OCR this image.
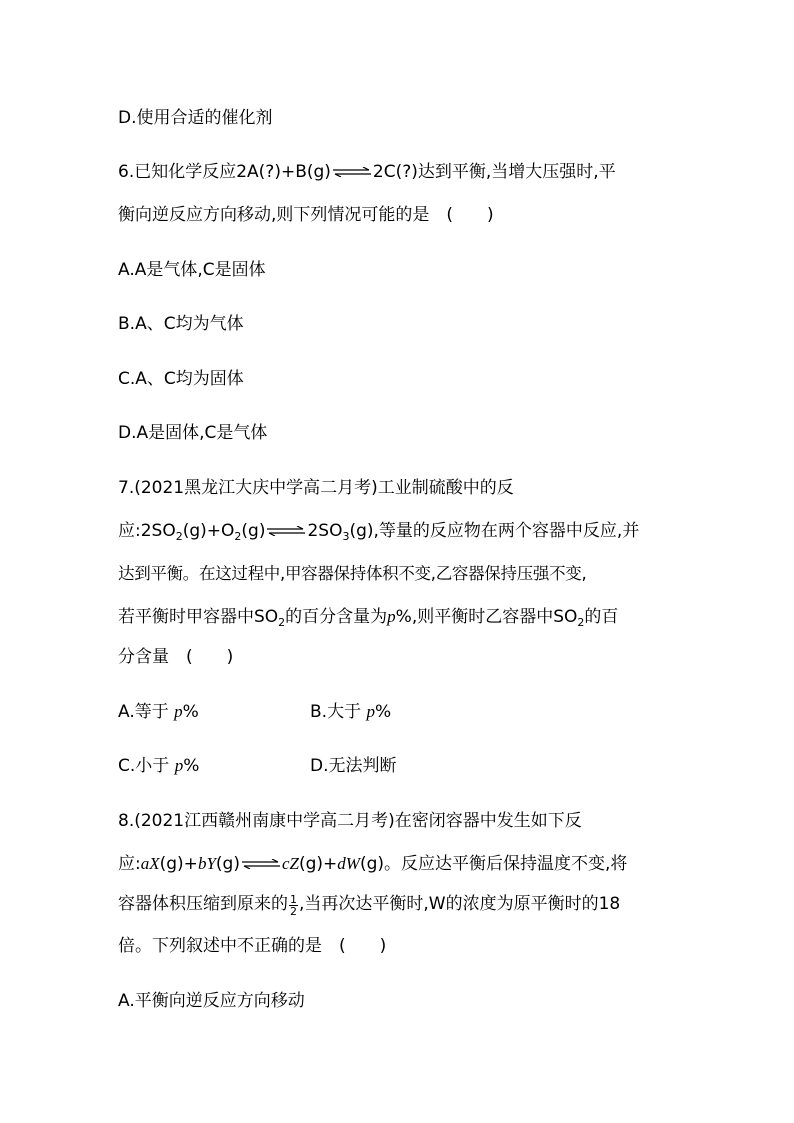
D.使用合适的催化剂
6.已知化学反应2A(?)+B(g) ⇌ 2C(?)达到平衡,当增大压强时,平
衡向逆反应方向移动,则下列情况可能的是　(　　)
A.A是气体,C是固体
B.A、C均为气体
C.A、C均为固体
D.A是固体,C是气体
7.(2021黑龙江大庆中学高二月考)工业制硫酸中的反
应$:2SO_2(g)+O_2(g)$ ⇌ $2SO_3(g)$,等量的反应物在两个容器中反应,并
达到平衡。在这过程中,甲容器保持体积不变,乙容器保持压强不变,
若平衡时甲容器中$SO_2$的百分含量为p%,则平衡时乙容器中$SO_2$的百
分含量　(　　)
A.等于 p%	B.大于 p%
C.小于 p%	D.无法判断
8.(2021江西赣州南康中学高二月考)在密闭容器中发生如下反
应:aX(g)+bY(g) ⇌ cZ(g)+dW(g)。反应达平衡后保持温度不变,将
容器体积压缩到原来的 $\frac{1}{2}$ ,当再次达平衡时,W的浓度为原平衡时的18
倍。下列叙述中不正确的是　(　　)
A.平衡向逆反应方向移动
